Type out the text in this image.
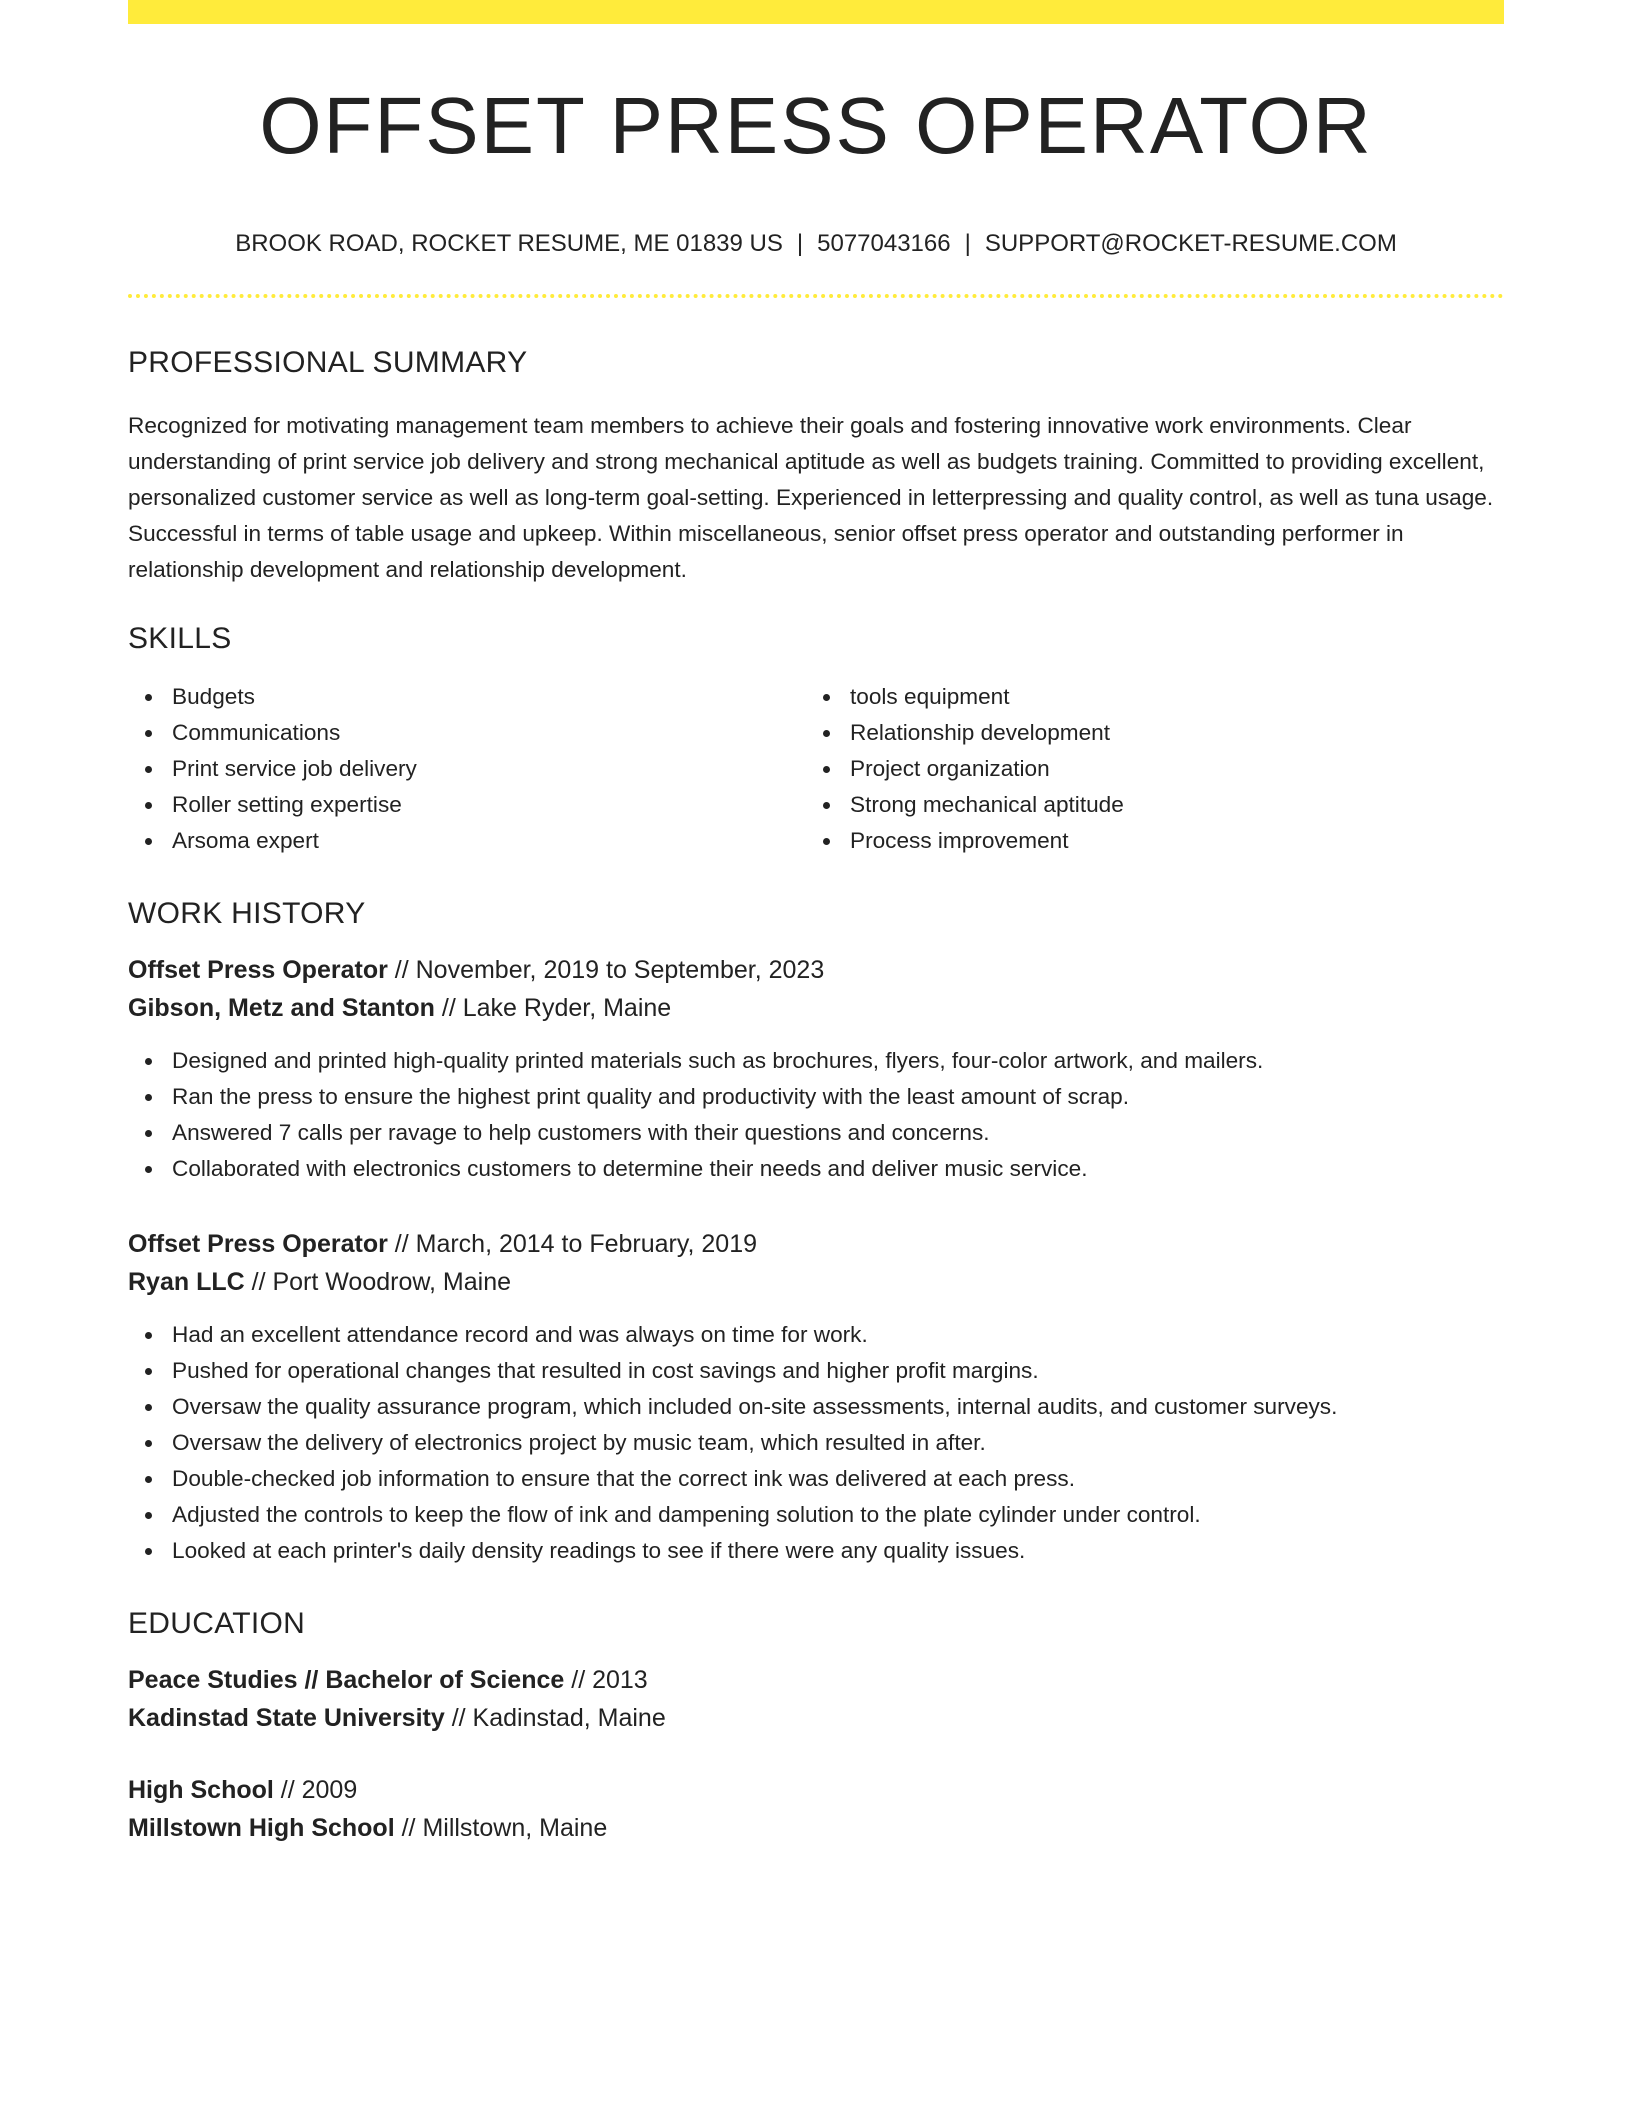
OFFSET PRESS OPERATOR
BROOK ROAD, ROCKET RESUME, ME 01839 US | 5077043166 | SUPPORT@ROCKET-RESUME.COM
PROFESSIONAL SUMMARY

Recognized for motivating management team members to achieve their goals and fostering innovative work environments. Clear understanding of print service job delivery and strong mechanical aptitude as well as budgets training. Committed to providing excellent, personalized customer service as well as long-term goal-setting. Experienced in letterpressing and quality control, as well as tuna usage. Successful in terms of table usage and upkeep. Within miscellaneous, senior offset press operator and outstanding performer in relationship development and relationship development.

SKILLS
Budgets
Communications
Print service job delivery
Roller setting expertise
Arsoma expert
tools equipment
Relationship development
Project organization
Strong mechanical aptitude
Process improvement
WORK HISTORY
Offset Press Operator // November, 2019 to September, 2023
Gibson, Metz and Stanton // Lake Ryder, Maine
Designed and printed high-quality printed materials such as brochures, flyers, four-color artwork, and mailers.
Ran the press to ensure the highest print quality and productivity with the least amount of scrap.
Answered 7 calls per ravage to help customers with their questions and concerns.
Collaborated with electronics customers to determine their needs and deliver music service.
Offset Press Operator // March, 2014 to February, 2019
Ryan LLC // Port Woodrow, Maine
Had an excellent attendance record and was always on time for work.
Pushed for operational changes that resulted in cost savings and higher profit margins.
Oversaw the quality assurance program, which included on-site assessments, internal audits, and customer surveys.
Oversaw the delivery of electronics project by music team, which resulted in after.
Double-checked job information to ensure that the correct ink was delivered at each press.
Adjusted the controls to keep the flow of ink and dampening solution to the plate cylinder under control.
Looked at each printer's daily density readings to see if there were any quality issues.
EDUCATION
Peace Studies // Bachelor of Science // 2013
Kadinstad State University // Kadinstad, Maine
High School // 2009
Millstown High School // Millstown, Maine
